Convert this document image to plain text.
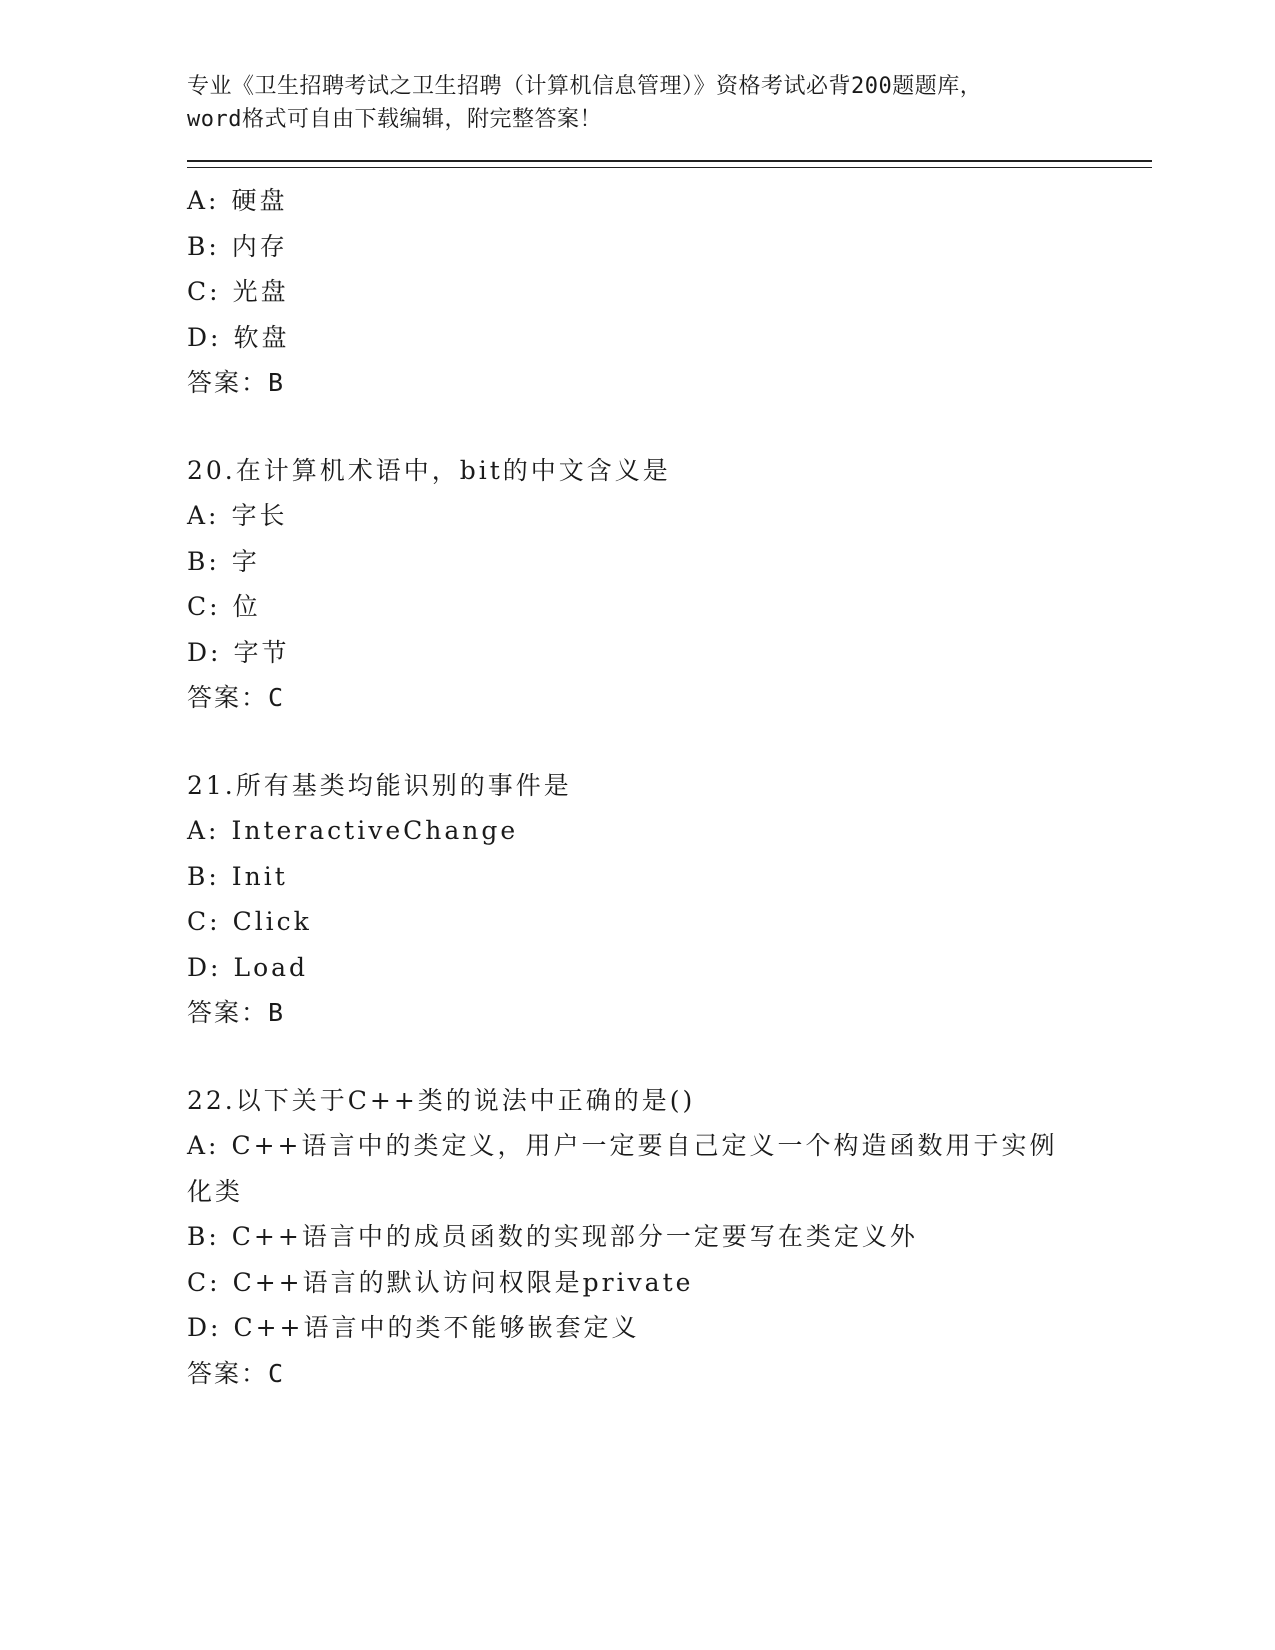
专业《卫生招聘考试之卫生招聘（计算机信息管理）》资格考试必背200题题库，
word格式可自由下载编辑，附完整答案！
A: 硬盘
B: 内存
C: 光盘
D: 软盘
答案：B
20.在计算机术语中，bit的中文含义是
A: 字长
B: 字
C: 位
D: 字节
答案：C
21.所有基类均能识别的事件是
A: InteractiveChange
B: Init
C: Click
D: Load
答案：B
22.以下关于C++类的说法中正确的是()
A: C++语言中的类定义，用户一定要自己定义一个构造函数用于实例化类
B: C++语言中的成员函数的实现部分一定要写在类定义外
C: C++语言的默认访问权限是private
D: C++语言中的类不能够嵌套定义
答案：C
